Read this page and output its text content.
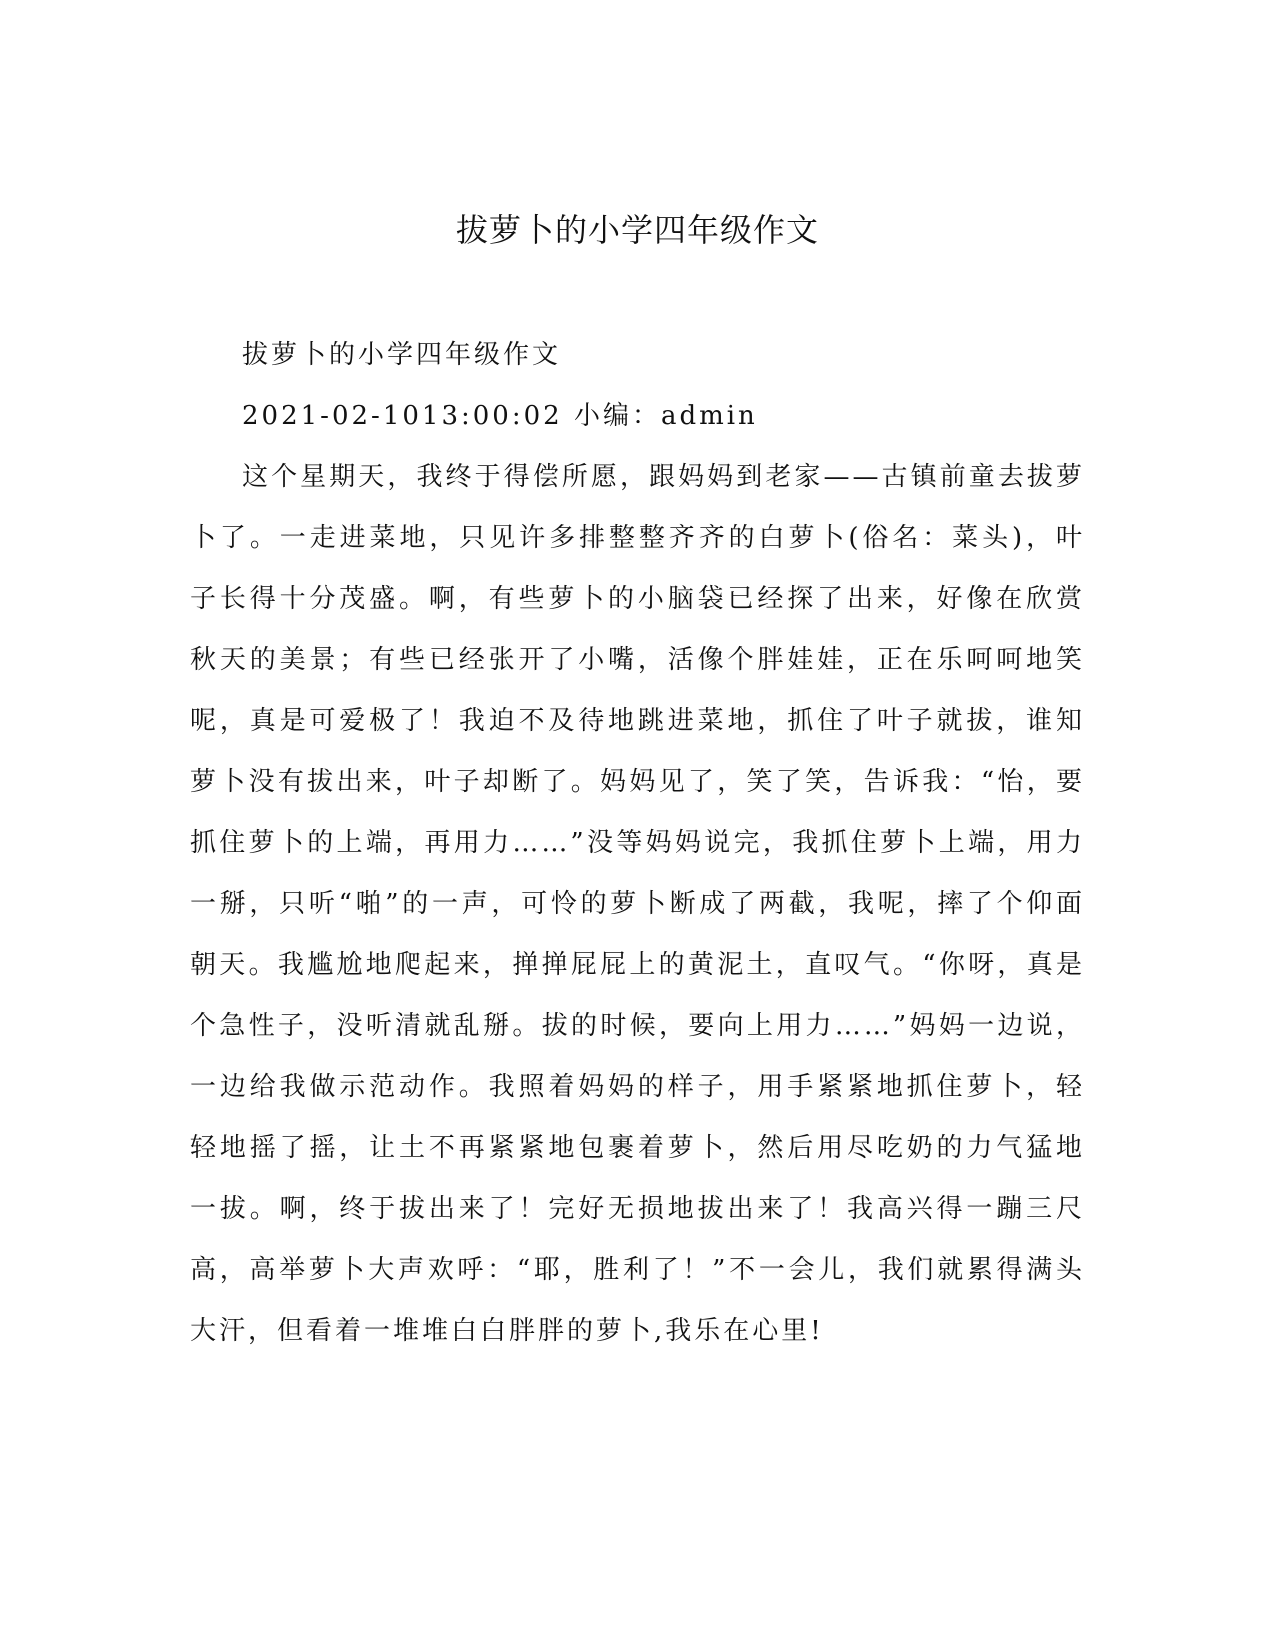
拔萝卜的小学四年级作文

拔萝卜的小学四年级作文

2021-02-1013:00:02 小编：admin

这个星期天，我终于得偿所愿，跟妈妈到老家——古镇前童去拔萝卜了。一走进菜地，只见许多排整整齐齐的白萝卜(俗名：菜头)，叶子长得十分茂盛。啊，有些萝卜的小脑袋已经探了出来，好像在欣赏秋天的美景；有些已经张开了小嘴，活像个胖娃娃，正在乐呵呵地笑呢，真是可爱极了！我迫不及待地跳进菜地，抓住了叶子就拔，谁知萝卜没有拔出来，叶子却断了。妈妈见了，笑了笑，告诉我：“怡，要抓住萝卜的上端，再用力……”没等妈妈说完，我抓住萝卜上端，用力一掰，只听“啪”的一声，可怜的萝卜断成了两截，我呢，摔了个仰面朝天。我尴尬地爬起来，掸掸屁屁上的黄泥土，直叹气。“你呀，真是个急性子，没听清就乱掰。拔的时候，要向上用力……”妈妈一边说，一边给我做示范动作。我照着妈妈的样子，用手紧紧地抓住萝卜，轻轻地摇了摇，让土不再紧紧地包裹着萝卜，然后用尽吃奶的力气猛地一拔。啊，终于拔出来了！完好无损地拔出来了！我高兴得一蹦三尺高，高举萝卜大声欢呼：“耶，胜利了！”不一会儿，我们就累得满头大汗，但看着一堆堆白白胖胖的萝卜,我乐在心里!
